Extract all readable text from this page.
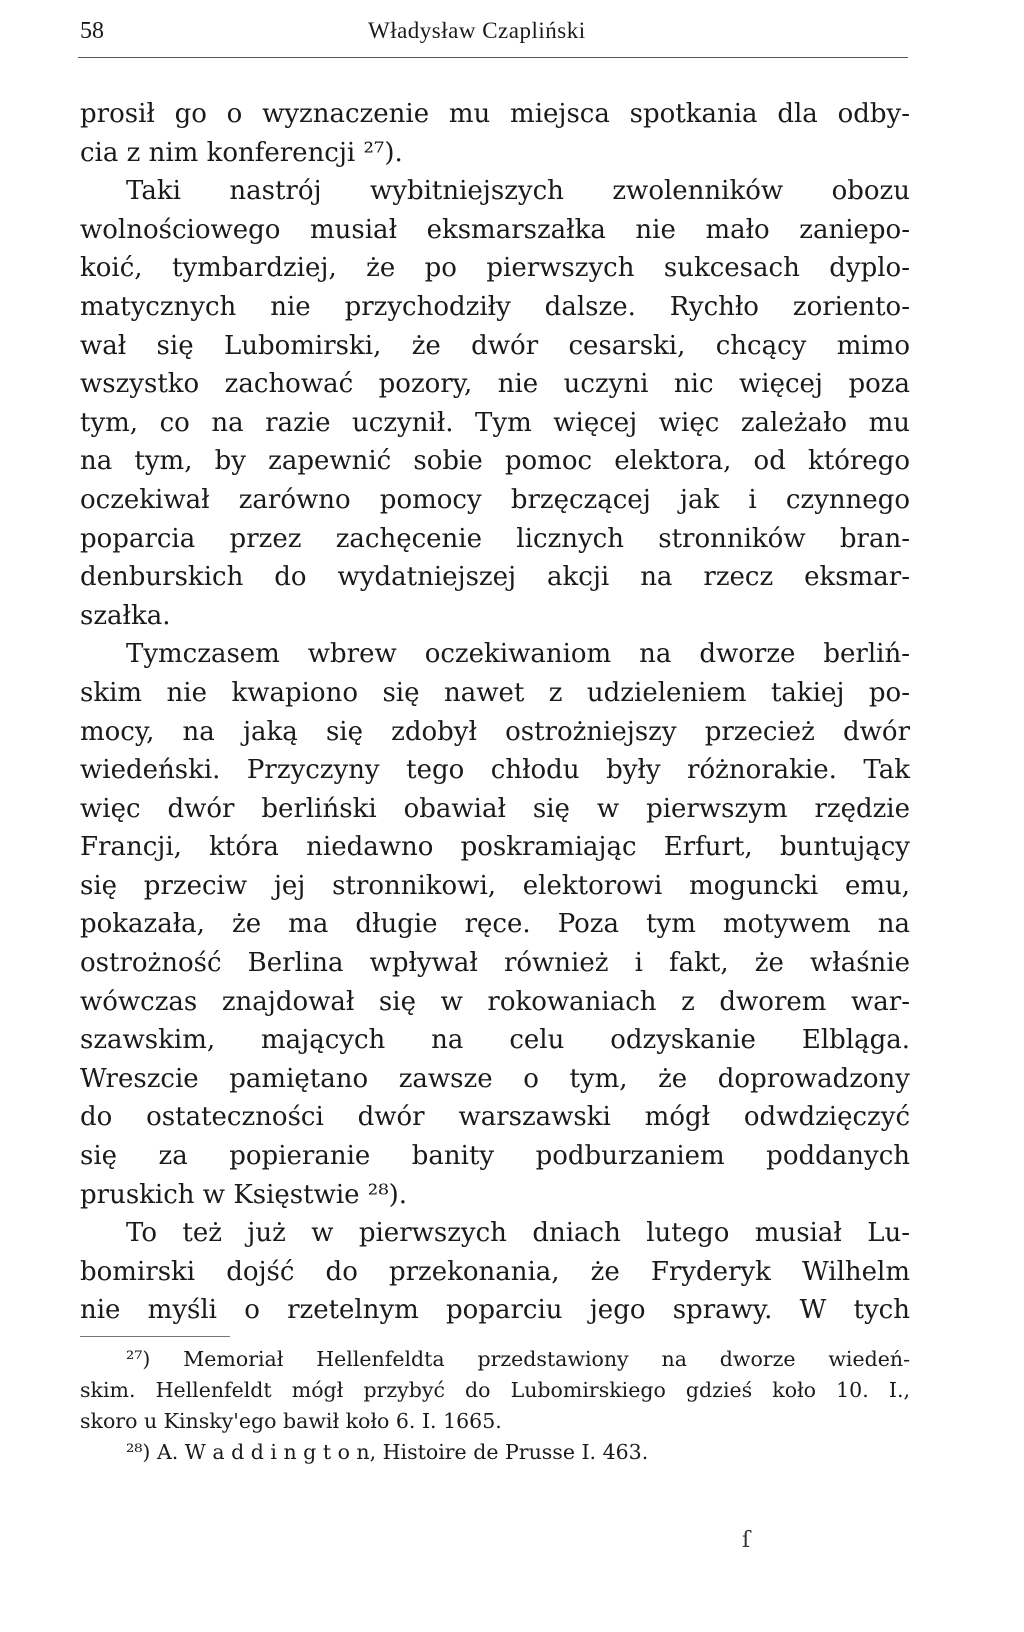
58	Władysław Czapliński
prosił go o wyznaczenie mu miejsca spotkania dla odby-
cia z nim konferencji ²⁷).
Taki nastrój wybitniejszych zwolenników obozu
wolnościowego musiał eksmarszałka nie mało zaniepo-
koić, tymbardziej, że po pierwszych sukcesach dyplo-
matycznych nie przychodziły dalsze. Rychło zoriento-
wał się Lubomirski, że dwór cesarski, chcący mimo
wszystko zachować pozory, nie uczyni nic więcej poza
tym, co na razie uczynił. Tym więcej więc zależało mu
na tym, by zapewnić sobie pomoc elektora, od którego
oczekiwał zarówno pomocy brzęczącej jak i czynnego
poparcia przez zachęcenie licznych stronników bran-
denburskich do wydatniejszej akcji na rzecz eksmar-
szałka.
Tymczasem wbrew oczekiwaniom na dworze berliń-
skim nie kwapiono się nawet z udzieleniem takiej po-
mocy, na jaką się zdobył ostrożniejszy przecież dwór
wiedeński. Przyczyny tego chłodu były różnorakie. Tak
więc dwór berliński obawiał się w pierwszym rzędzie
Francji, która niedawno poskramiając Erfurt, buntujący
się przeciw jej stronnikowi, elektorowi moguncki emu,
pokazała, że ma długie ręce. Poza tym motywem na
ostrożność Berlina wpływał również i fakt, że właśnie
wówczas znajdował się w rokowaniach z dworem war-
szawskim, mających na celu odzyskanie Elbląga.
Wreszcie pamiętano zawsze o tym, że doprowadzony
do ostateczności dwór warszawski mógł odwdzięczyć
się za popieranie banity podburzaniem poddanych
pruskich w Księstwie ²⁸).
To też już w pierwszych dniach lutego musiał Lu-
bomirski dojść do przekonania, że Fryderyk Wilhelm
nie myśli o rzetelnym poparciu jego sprawy. W tych
²⁷) Memoriał Hellenfeldta przedstawiony na dworze wiedeń-
skim. Hellenfeldt mógł przybyć do Lubomirskiego gdzieś koło 10. I.,
skoro u Kinsky'ego bawił koło 6. I. 1665.
²⁸) A. W a d d i n g t o n, Histoire de Prusse I. 463.
ſ
